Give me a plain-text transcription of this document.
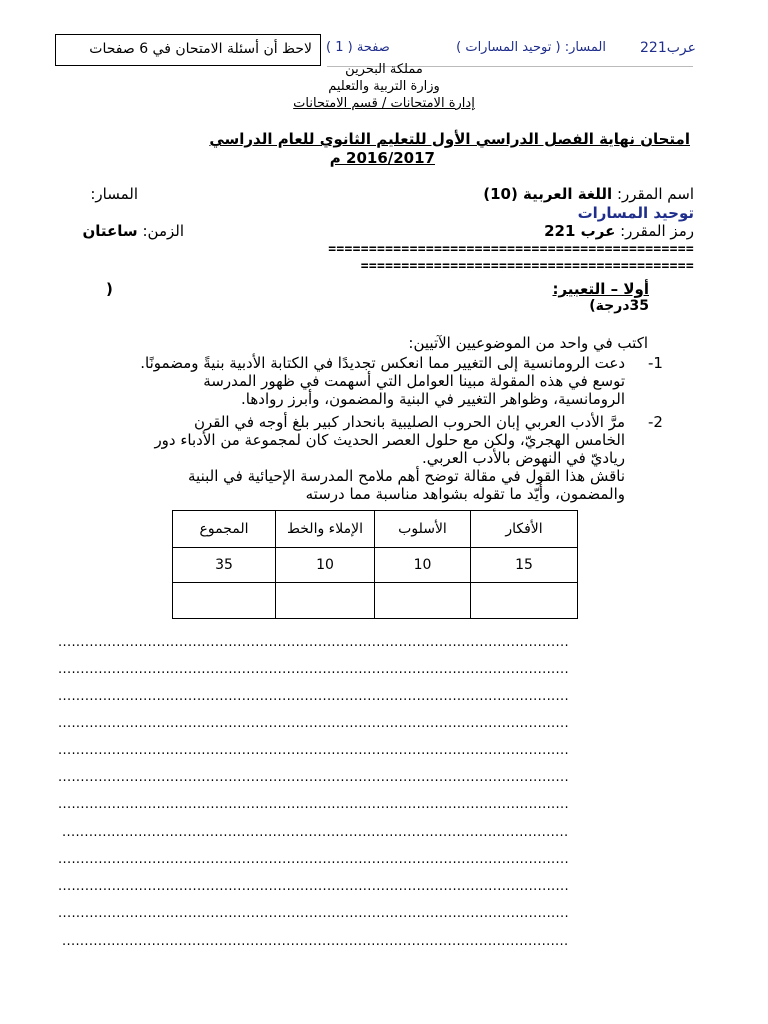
لاحظ أن أسئلة الامتحان في 6 صفحات	عرب221
المسار: ( توحيد المسارات )
صفحة ( 1 )
مملكة البحرين
وزارة التربية والتعليم
إدارة الامتحانات / قسم الامتحانات
امتحان نهاية الفصل الدراسي الأول للتعليم الثانوي للعام الدراسي
2016/2017 م
اسم المقرر: اللغة العربية (10)
المسار:
توحيد المسارات
رمز المقرر: عرب 221
الزمن: ساعتان
=============================================
=========================================
أولا – التعبير:
(
35درجة)
اكتب في واحد من الموضوعيين الآتيين:
-1
دعت الرومانسية إلى التغيير مما انعكس تجديدًا في الكتابة الأدبية بنيةً ومضمونًا.
توسع في هذه المقولة مبينا العوامل التي أسهمت في ظهور المدرسة
الرومانسية، وظواهر التغيير في البنية والمضمون، وأبرز روادها.
-2
مرَّ الأدب العربي إبان الحروب الصليبية بانحدار كبير بلغ أوجه في القرن
الخامس الهجريّ، ولكن مع حلول العصر الحديث كان لمجموعة من الأدباء دور
رياديّ في النهوض بالأدب العربي.
ناقش هذا القول في مقالة توضح أهم ملامح المدرسة الإحيائية في البنية
والمضمون، وأيّد ما تقوله بشواهد مناسبة مما درسته
الأفكار	الأسلوب	الإملاء والخط	المجموع
15	10	10	35

..................................................................................................................
..................................................................................................................
..................................................................................................................
..................................................................................................................
..................................................................................................................
..................................................................................................................
..................................................................................................................
.................................................................................................................
..................................................................................................................
..................................................................................................................
..................................................................................................................
.................................................................................................................
